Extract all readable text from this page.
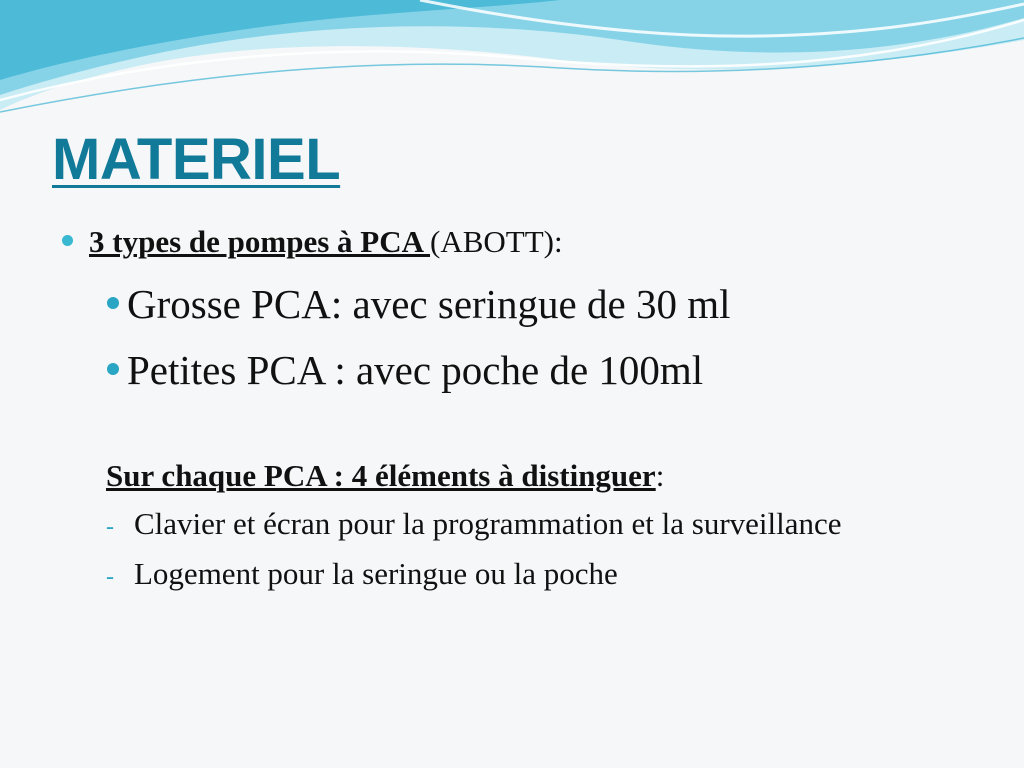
MATERIEL
3 types de pompes à PCA (ABOTT):
Grosse PCA: avec seringue de 30 ml
Petites PCA : avec poche de 100ml
Sur chaque PCA : 4 éléments à distinguer:
- Clavier et écran pour la programmation et la surveillance
- Logement pour la seringue ou la poche
